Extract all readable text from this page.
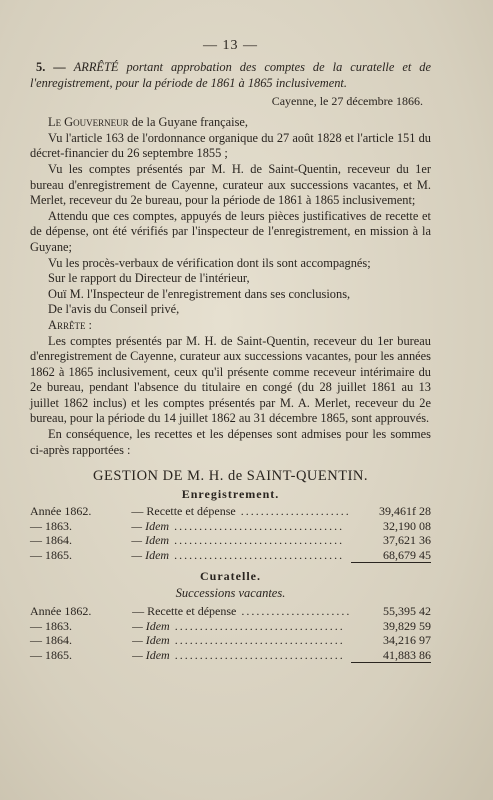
— 13 —

5. — ARRÊTÉ portant approbation des comptes de la curatelle et de l'enregistrement, pour la période de 1861 à 1865 inclusivement.

Cayenne, le 27 décembre 1866.

Le Gouverneur de la Guyane française,

Vu l'article 163 de l'ordonnance organique du 27 août 1828 et l'article 151 du décret-financier du 26 septembre 1855 ;

Vu les comptes présentés par M. H. de Saint-Quentin, receveur du 1er bureau d'enregistrement de Cayenne, curateur aux successions vacantes, et M. Merlet, receveur du 2e bureau, pour la période de 1861 à 1865 inclusivement;

Attendu que ces comptes, appuyés de leurs pièces justificatives de recette et de dépense, ont été vérifiés par l'inspecteur de l'enregistrement, en mission à la Guyane;

Vu les procès-verbaux de vérification dont ils sont accompagnés;

Sur le rapport du Directeur de l'intérieur,

Ouï M. l'Inspecteur de l'enregistrement dans ses conclusions,

De l'avis du Conseil privé,

Arrête :

Les comptes présentés par M. H. de Saint-Quentin, receveur du 1er bureau d'enregistrement de Cayenne, curateur aux successions vacantes, pour les années 1862 à 1865 inclusivement, ceux qu'il présente comme receveur intérimaire du 2e bureau, pendant l'absence du titulaire en congé (du 28 juillet 1861 au 13 juillet 1862 inclus) et les comptes présentés par M. A. Merlet, receveur du 2e bureau, pour la période du 14 juillet 1862 au 31 décembre 1865, sont approuvés.

En conséquence, les recettes et les dépenses sont admises pour les sommes ci-après rapportées :

GESTION DE M. H. de SAINT-QUENTIN.
Enregistrement.
Année 1862.	— Recette et dépense ......................	39,461f 28
— 1863.	— Idem ..................................	32,190 08
— 1864.	— Idem ..................................	37,621 36
— 1865.	— Idem ..................................	68,679 45
Curatelle.
Successions vacantes.
Année 1862.	— Recette et dépense ......................	55,395 42
— 1863.	— Idem ..................................	39,829 59
— 1864.	— Idem ..................................	34,216 97
— 1865.	— Idem ..................................	41,883 86
